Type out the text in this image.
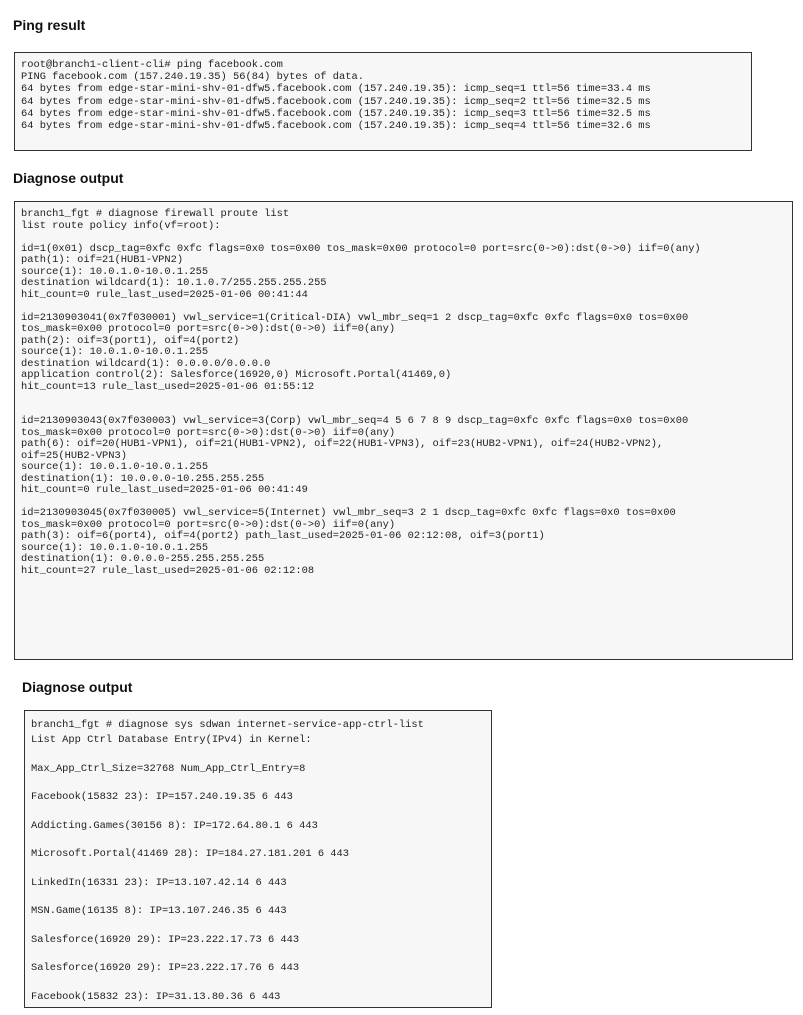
Ping result
root@branch1-client-cli# ping facebook.com
PING facebook.com (157.240.19.35) 56(84) bytes of data.
64 bytes from edge-star-mini-shv-01-dfw5.facebook.com (157.240.19.35): icmp_seq=1 ttl=56 time=33.4 ms
64 bytes from edge-star-mini-shv-01-dfw5.facebook.com (157.240.19.35): icmp_seq=2 ttl=56 time=32.5 ms
64 bytes from edge-star-mini-shv-01-dfw5.facebook.com (157.240.19.35): icmp_seq=3 ttl=56 time=32.5 ms
64 bytes from edge-star-mini-shv-01-dfw5.facebook.com (157.240.19.35): icmp_seq=4 ttl=56 time=32.6 ms
Diagnose output
branch1_fgt # diagnose firewall proute list
list route policy info(vf=root):
id=1(0x01) dscp_tag=0xfc 0xfc flags=0x0 tos=0x00 tos_mask=0x00 protocol=0 port=src(0->0):dst(0->0) iif=0(any)
path(1): oif=21(HUB1-VPN2)
source(1): 10.0.1.0-10.0.1.255
destination wildcard(1): 10.1.0.7/255.255.255.255
hit_count=0 rule_last_used=2025-01-06 00:41:44
id=2130903041(0x7f030001) vwl_service=1(Critical-DIA) vwl_mbr_seq=1 2 dscp_tag=0xfc 0xfc flags=0x0 tos=0x00
tos_mask=0x00 protocol=0 port=src(0->0):dst(0->0) iif=0(any)
path(2): oif=3(port1), oif=4(port2)
source(1): 10.0.1.0-10.0.1.255
destination wildcard(1): 0.0.0.0/0.0.0.0
application control(2): Salesforce(16920,0) Microsoft.Portal(41469,0)
hit_count=13 rule_last_used=2025-01-06 01:55:12
id=2130903043(0x7f030003) vwl_service=3(Corp) vwl_mbr_seq=4 5 6 7 8 9 dscp_tag=0xfc 0xfc flags=0x0 tos=0x00
tos_mask=0x00 protocol=0 port=src(0->0):dst(0->0) iif=0(any)
path(6): oif=20(HUB1-VPN1), oif=21(HUB1-VPN2), oif=22(HUB1-VPN3), oif=23(HUB2-VPN1), oif=24(HUB2-VPN2),
oif=25(HUB2-VPN3)
source(1): 10.0.1.0-10.0.1.255
destination(1): 10.0.0.0-10.255.255.255
hit_count=0 rule_last_used=2025-01-06 00:41:49
id=2130903045(0x7f030005) vwl_service=5(Internet) vwl_mbr_seq=3 2 1 dscp_tag=0xfc 0xfc flags=0x0 tos=0x00
tos_mask=0x00 protocol=0 port=src(0->0):dst(0->0) iif=0(any)
path(3): oif=6(port4), oif=4(port2) path_last_used=2025-01-06 02:12:08, oif=3(port1)
source(1): 10.0.1.0-10.0.1.255
destination(1): 0.0.0.0-255.255.255.255
hit_count=27 rule_last_used=2025-01-06 02:12:08
Diagnose output
branch1_fgt # diagnose sys sdwan internet-service-app-ctrl-list
List App Ctrl Database Entry(IPv4) in Kernel:
Max_App_Ctrl_Size=32768 Num_App_Ctrl_Entry=8
Facebook(15832 23): IP=157.240.19.35 6 443
Addicting.Games(30156 8): IP=172.64.80.1 6 443
Microsoft.Portal(41469 28): IP=184.27.181.201 6 443
LinkedIn(16331 23): IP=13.107.42.14 6 443
MSN.Game(16135 8): IP=13.107.246.35 6 443
Salesforce(16920 29): IP=23.222.17.73 6 443
Salesforce(16920 29): IP=23.222.17.76 6 443
Facebook(15832 23): IP=31.13.80.36 6 443
